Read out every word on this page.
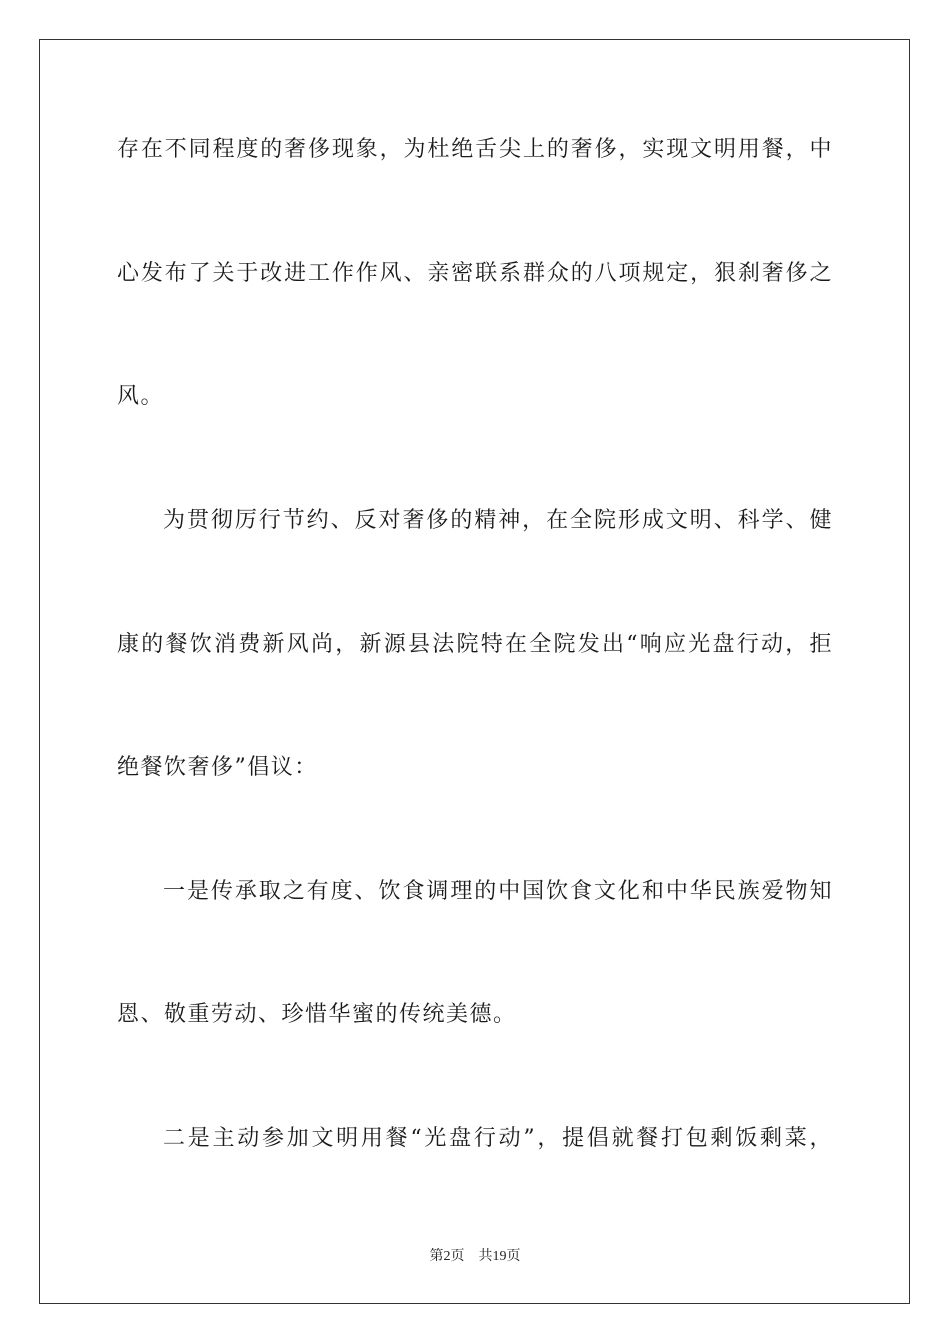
存在不同程度的奢侈现象，为杜绝舌尖上的奢侈，实现文明用餐，中
心发布了关于改进工作作风、亲密联系群众的八项规定，狠刹奢侈之
风。
为贯彻厉行节约、反对奢侈的精神，在全院形成文明、科学、健
康的餐饮消费新风尚，新源县法院特在全院发出“响应光盘行动，拒
绝餐饮奢侈”倡议：
一是传承取之有度、饮食调理的中国饮食文化和中华民族爱物知
恩、敬重劳动、珍惜华蜜的传统美德。
二是主动参加文明用餐“光盘行动”，提倡就餐打包剩饭剩菜，
第2页 共19页
